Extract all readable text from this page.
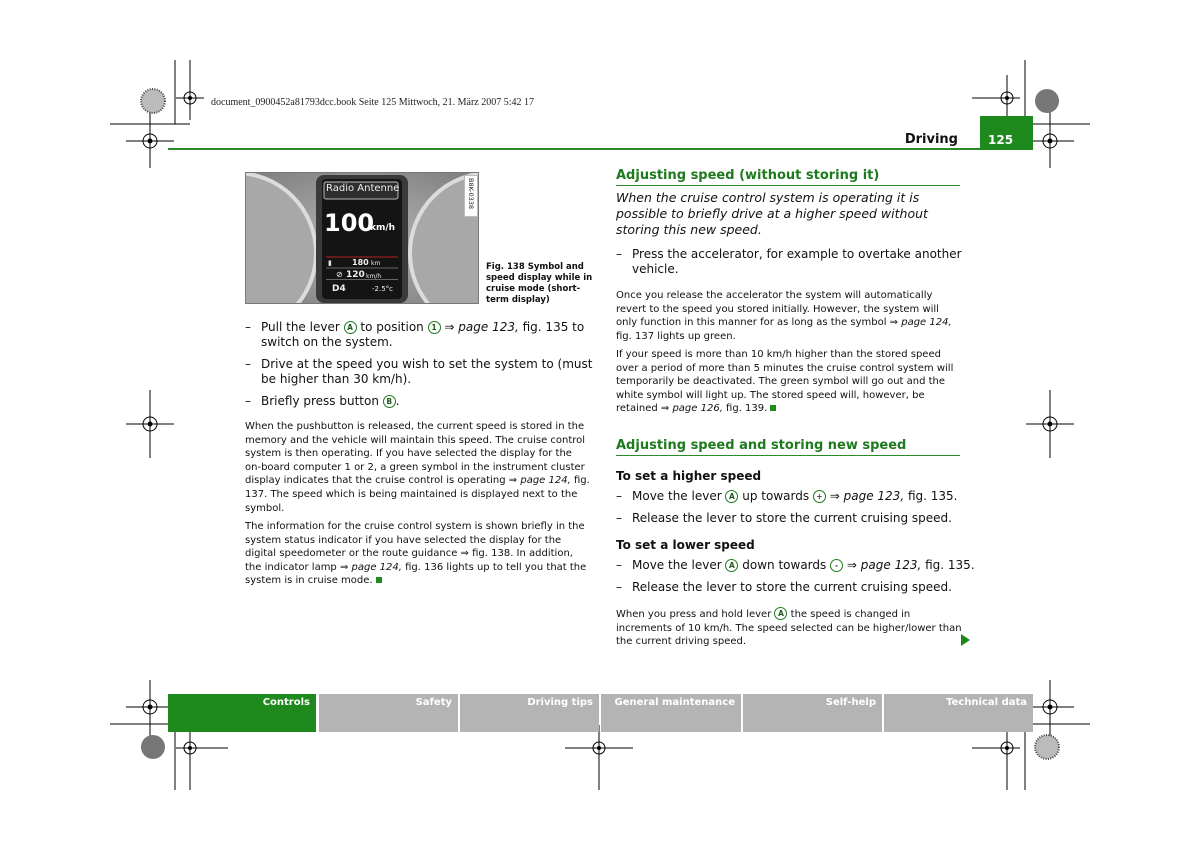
document_0900452a81793dcc.book Seite 125 Mittwoch, 21. März 2007 5:42 17
Driving	125
Radio Antenne
100
km/h
▮	180 km
⊘ 120 km/h
D4	-2.5°c
B8K-0338
Fig. 138 Symbol and speed display while in cruise mode (short-term display)
– Pull the lever A to position 1 ⇒ page 123, fig. 135 to switch on the system.
– Drive at the speed you wish to set the system to (must be higher than 30 km/h).
– Briefly press button B .
When the pushbutton is released, the current speed is stored in the memory and the vehicle will maintain this speed. The cruise control system is then operating. If you have selected the display for the on-board computer 1 or 2, a green symbol in the instrument cluster display indicates that the cruise control is operating ⇒ page 124, fig. 137. The speed which is being maintained is displayed next to the symbol.
The information for the cruise control system is shown briefly in the system status indicator if you have selected the display for the digital speedometer or the route guidance ⇒ fig. 138. In addition, the indicator lamp ⇒ page 124, fig. 136 lights up to tell you that the system is in cruise mode.
Adjusting speed (without storing it)
When the cruise control system is operating it is possible to briefly drive at a higher speed without storing this new speed.
– Press the accelerator, for example to overtake another vehicle.
Once you release the accelerator the system will automatically revert to the speed you stored initially. However, the system will only function in this manner for as long as the symbol ⇒ page 124, fig. 137 lights up green.
If your speed is more than 10 km/h higher than the stored speed over a period of more than 5 minutes the cruise control system will temporarily be deactivated. The green symbol will go out and the white symbol will light up. The stored speed will, however, be retained ⇒ page 126, fig. 139.
Adjusting speed and storing new speed
To set a higher speed
– Move the lever A up towards + ⇒ page 123, fig. 135.
– Release the lever to store the current cruising speed.
To set a lower speed
– Move the lever A down towards - ⇒ page 123, fig. 135.
– Release the lever to store the current cruising speed.
When you press and hold lever A the speed is changed in increments of 10 km/h. The speed selected can be higher/lower than the current driving speed.
Controls	Safety	Driving tips	General maintenance	Self-help	Technical data
